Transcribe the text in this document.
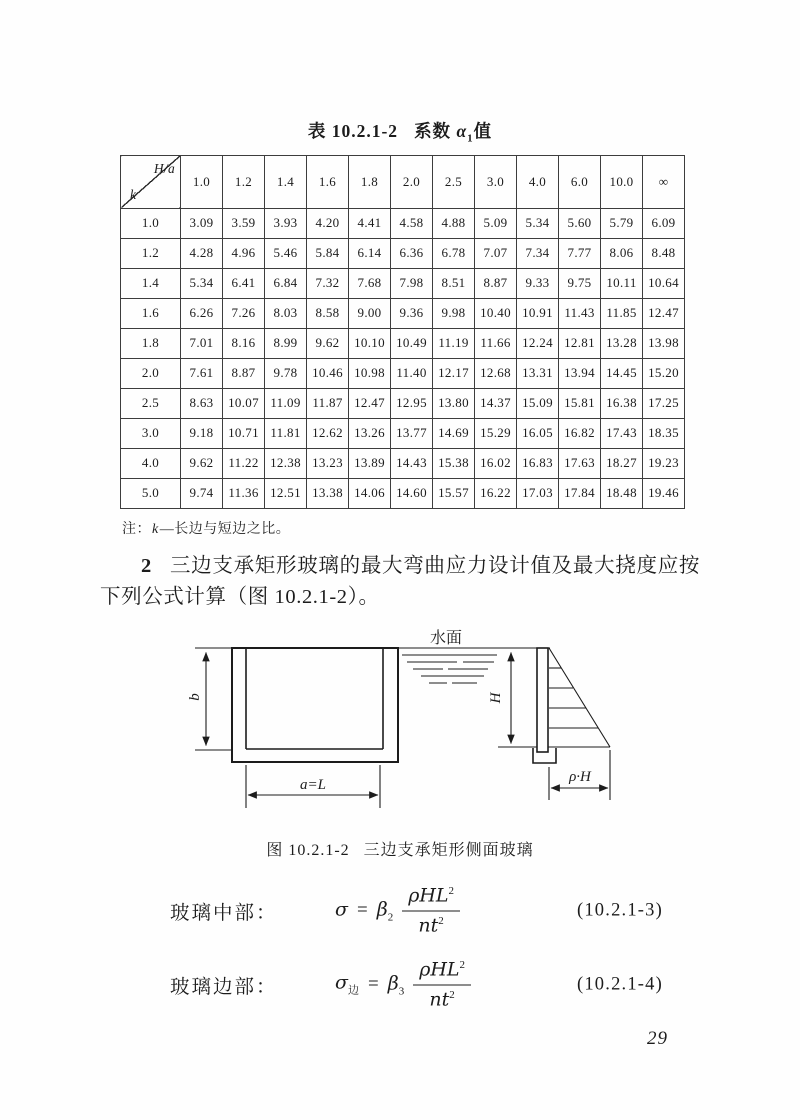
表 10.2.1-2 系数 $\alpha_1$值
H/a
k	1.0	1.2	1.4	1.6	1.8	2.0	2.5	3.0	4.0	6.0	10.0	∞
1.0	3.09	3.59	3.93	4.20	4.41	4.58	4.88	5.09	5.34	5.60	5.79	6.09
1.2	4.28	4.96	5.46	5.84	6.14	6.36	6.78	7.07	7.34	7.77	8.06	8.48
1.4	5.34	6.41	6.84	7.32	7.68	7.98	8.51	8.87	9.33	9.75	10.11	10.64
1.6	6.26	7.26	8.03	8.58	9.00	9.36	9.98	10.40	10.91	11.43	11.85	12.47
1.8	7.01	8.16	8.99	9.62	10.10	10.49	11.19	11.66	12.24	12.81	13.28	13.98
2.0	7.61	8.87	9.78	10.46	10.98	11.40	12.17	12.68	13.31	13.94	14.45	15.20
2.5	8.63	10.07	11.09	11.87	12.47	12.95	13.80	14.37	15.09	15.81	16.38	17.25
3.0	9.18	10.71	11.81	12.62	13.26	13.77	14.69	15.29	16.05	16.82	17.43	18.35
4.0	9.62	11.22	12.38	13.23	13.89	14.43	15.38	16.02	16.83	17.63	18.27	19.23
5.0	9.74	11.36	12.51	13.38	14.06	14.60	15.57	16.22	17.03	17.84	18.48	19.46
注：k—长边与短边之比。

2 三边支承矩形玻璃的最大弯曲应力设计值及最大挠度应按下列公式计算（图 10.2.1-2）。

水面
b	H
a=L	ρ·H
图 10.2.1-2 三边支承矩形侧面玻璃
玻璃中部：	$\sigma = \beta_2 \frac{\rho HL^2}{nt^2}$	(10.2.1-3)
玻璃边部：	$\sigma_边 = \beta_3 \frac{\rho HL^2}{nt^2}$	(10.2.1-4)
29
